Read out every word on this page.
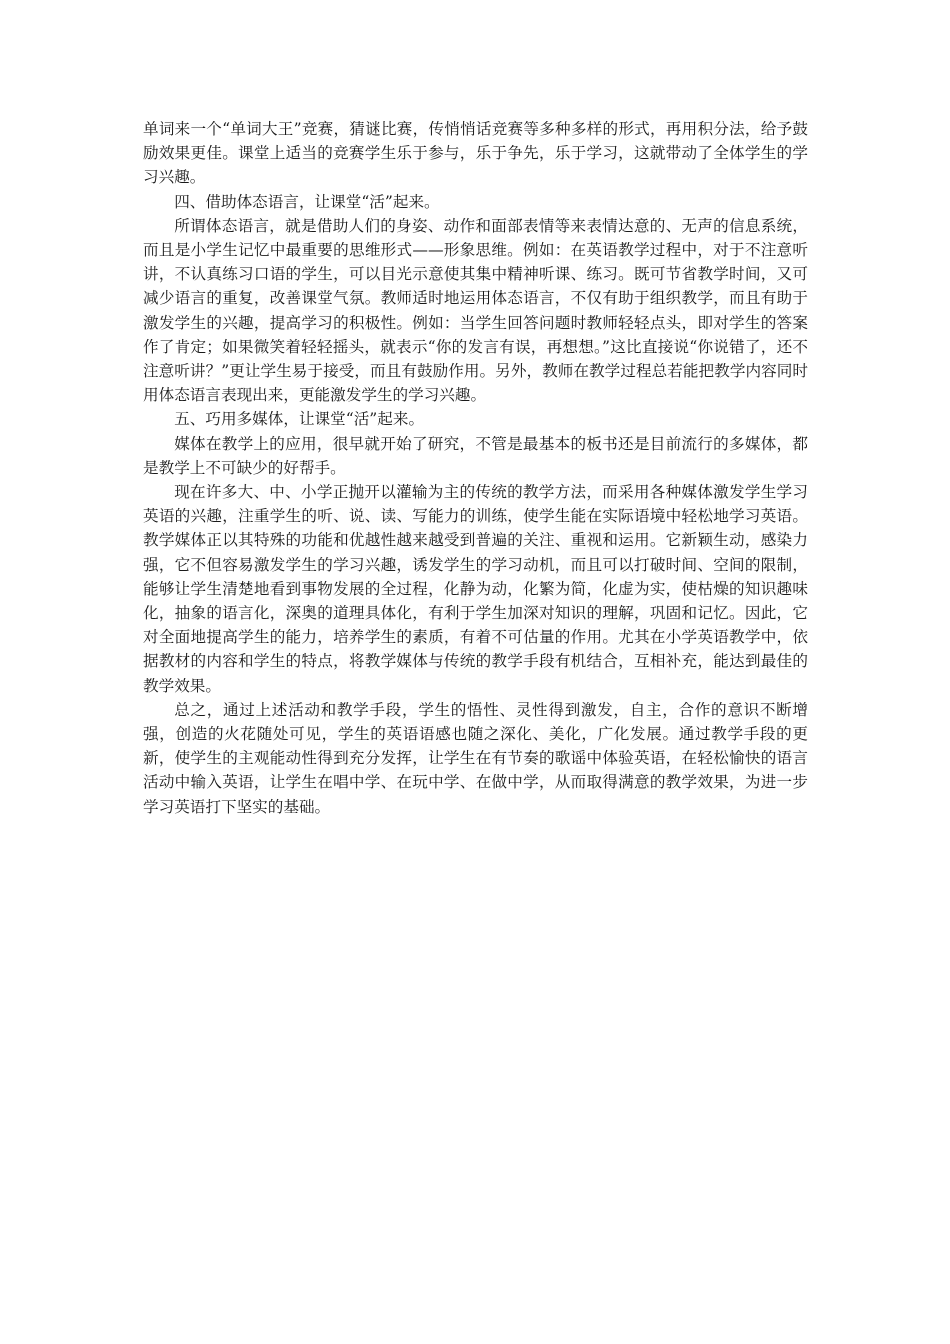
单词来一个“单词大王”竞赛，猜谜比赛，传悄悄话竞赛等多种多样的形式，再用积分法，给予鼓励效果更佳。课堂上适当的竞赛学生乐于参与，乐于争先，乐于学习，这就带动了全体学生的学习兴趣。

四、借助体态语言，让课堂“活”起来。

所谓体态语言，就是借助人们的身姿、动作和面部表情等来表情达意的、无声的信息系统，而且是小学生记忆中最重要的思维形式——形象思维。例如：在英语教学过程中，对于不注意听讲，不认真练习口语的学生，可以目光示意使其集中精神听课、练习。既可节省教学时间，又可减少语言的重复，改善课堂气氛。教师适时地运用体态语言，不仅有助于组织教学，而且有助于激发学生的兴趣，提高学习的积极性。例如：当学生回答问题时教师轻轻点头，即对学生的答案作了肯定；如果微笑着轻轻摇头，就表示“你的发言有误，再想想。”这比直接说“你说错了，还不注意听讲？”更让学生易于接受，而且有鼓励作用。另外，教师在教学过程总若能把教学内容同时用体态语言表现出来，更能激发学生的学习兴趣。

五、巧用多媒体，让课堂“活”起来。

媒体在教学上的应用，很早就开始了研究，不管是最基本的板书还是目前流行的多媒体，都是教学上不可缺少的好帮手。

现在许多大、中、小学正抛开以灌输为主的传统的教学方法，而采用各种媒体激发学生学习英语的兴趣，注重学生的听、说、读、写能力的训练，使学生能在实际语境中轻松地学习英语。教学媒体正以其特殊的功能和优越性越来越受到普遍的关注、重视和运用。它新颖生动，感染力强，它不但容易激发学生的学习兴趣，诱发学生的学习动机，而且可以打破时间、空间的限制，能够让学生清楚地看到事物发展的全过程，化静为动，化繁为简，化虚为实，使枯燥的知识趣味化，抽象的语言化，深奥的道理具体化，有利于学生加深对知识的理解，巩固和记忆。因此，它对全面地提高学生的能力，培养学生的素质，有着不可估量的作用。尤其在小学英语教学中，依据教材的内容和学生的特点，将教学媒体与传统的教学手段有机结合，互相补充，能达到最佳的教学效果。

总之，通过上述活动和教学手段，学生的悟性、灵性得到激发，自主，合作的意识不断增强，创造的火花随处可见，学生的英语语感也随之深化、美化，广化发展。通过教学手段的更新，使学生的主观能动性得到充分发挥，让学生在有节奏的歌谣中体验英语，在轻松愉快的语言活动中输入英语，让学生在唱中学、在玩中学、在做中学，从而取得满意的教学效果，为进一步学习英语打下坚实的基础。
